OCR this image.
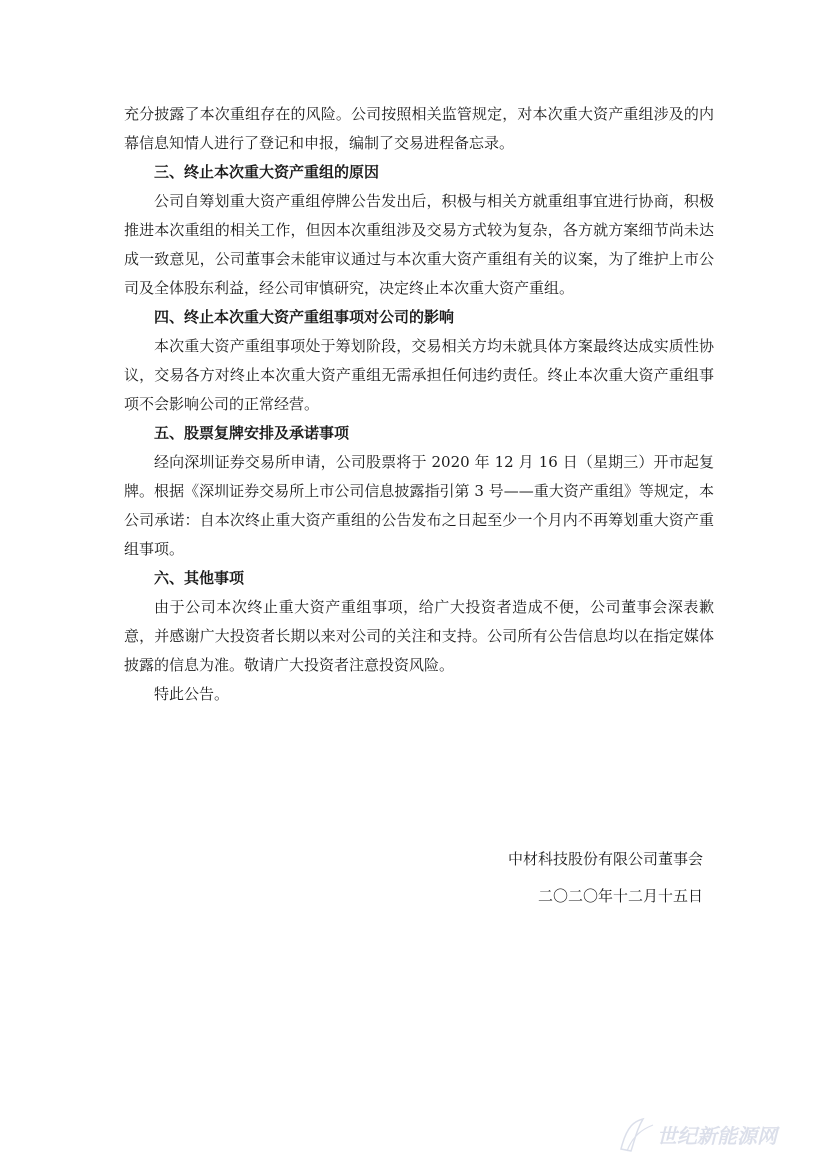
充分披露了本次重组存在的风险。公司按照相关监管规定，对本次重大资产重组涉及的内幕信息知情人进行了登记和申报，编制了交易进程备忘录。

三、终止本次重大资产重组的原因

公司自筹划重大资产重组停牌公告发出后，积极与相关方就重组事宜进行协商，积极推进本次重组的相关工作，但因本次重组涉及交易方式较为复杂，各方就方案细节尚未达成一致意见，公司董事会未能审议通过与本次重大资产重组有关的议案，为了维护上市公司及全体股东利益，经公司审慎研究，决定终止本次重大资产重组。

四、终止本次重大资产重组事项对公司的影响

本次重大资产重组事项处于筹划阶段，交易相关方均未就具体方案最终达成实质性协议，交易各方对终止本次重大资产重组无需承担任何违约责任。终止本次重大资产重组事项不会影响公司的正常经营。

五、股票复牌安排及承诺事项

经向深圳证券交易所申请，公司股票将于 2020 年 12 月 16 日（星期三）开市起复牌。根据《深圳证券交易所上市公司信息披露指引第 3 号——重大资产重组》等规定，本公司承诺：自本次终止重大资产重组的公告发布之日起至少一个月内不再筹划重大资产重组事项。

六、其他事项

由于公司本次终止重大资产重组事项，给广大投资者造成不便，公司董事会深表歉意，并感谢广大投资者长期以来对公司的关注和支持。公司所有公告信息均以在指定媒体披露的信息为准。敬请广大投资者注意投资风险。

特此公告。

中材科技股份有限公司董事会
二〇二〇年十二月十五日
世纪新能源网
